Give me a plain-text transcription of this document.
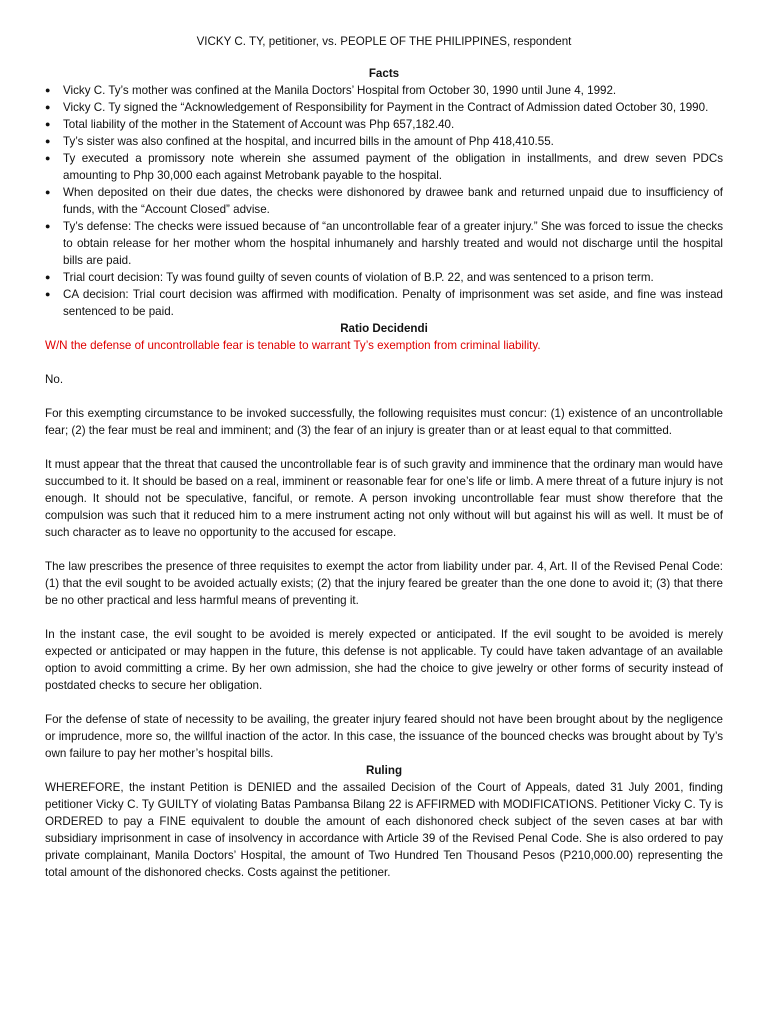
VICKY C. TY, petitioner, vs. PEOPLE OF THE PHILIPPINES, respondent
Facts
● Vicky C. Ty’s mother was confined at the Manila Doctors’ Hospital from October 30, 1990 until June 4, 1992.
● Vicky C. Ty signed the “Acknowledgement of Responsibility for Payment in the Contract of Admission dated October 30, 1990.
● Total liability of the mother in the Statement of Account was Php 657,182.40.
● Ty’s sister was also confined at the hospital, and incurred bills in the amount of Php 418,410.55.
● Ty executed a promissory note wherein she assumed payment of the obligation in installments, and drew seven PDCs amounting to Php 30,000 each against Metrobank payable to the hospital.
● When deposited on their due dates, the checks were dishonored by drawee bank and returned unpaid due to insufficiency of funds, with the “Account Closed” advise.
● Ty’s defense: The checks were issued because of “an uncontrollable fear of a greater injury.” She was forced to issue the checks to obtain release for her mother whom the hospital inhumanely and harshly treated and would not discharge until the hospital bills are paid.
● Trial court decision: Ty was found guilty of seven counts of violation of B.P. 22, and was sentenced to a prison term.
● CA decision: Trial court decision was affirmed with modification. Penalty of imprisonment was set aside, and fine was instead sentenced to be paid.
Ratio Decidendi

W/N the defense of uncontrollable fear is tenable to warrant Ty’s exemption from criminal liability.

No.

For this exempting circumstance to be invoked successfully, the following requisites must concur: (1) existence of an uncontrollable fear; (2) the fear must be real and imminent; and (3) the fear of an injury is greater than or at least equal to that committed.

It must appear that the threat that caused the uncontrollable fear is of such gravity and imminence that the ordinary man would have succumbed to it. It should be based on a real, imminent or reasonable fear for one’s life or limb. A mere threat of a future injury is not enough. It should not be speculative, fanciful, or remote. A person invoking uncontrollable fear must show therefore that the compulsion was such that it reduced him to a mere instrument acting not only without will but against his will as well. It must be of such character as to leave no opportunity to the accused for escape.

The law prescribes the presence of three requisites to exempt the actor from liability under par. 4, Art. II of the Revised Penal Code: (1) that the evil sought to be avoided actually exists; (2) that the injury feared be greater than the one done to avoid it; (3) that there be no other practical and less harmful means of preventing it.

In the instant case, the evil sought to be avoided is merely expected or anticipated. If the evil sought to be avoided is merely expected or anticipated or may happen in the future, this defense is not applicable. Ty could have taken advantage of an available option to avoid committing a crime. By her own admission, she had the choice to give jewelry or other forms of security instead of postdated checks to secure her obligation.

For the defense of state of necessity to be availing, the greater injury feared should not have been brought about by the negligence or imprudence, more so, the willful inaction of the actor. In this case, the issuance of the bounced checks was brought about by Ty’s own failure to pay her mother’s hospital bills.

Ruling

WHEREFORE, the instant Petition is DENIED and the assailed Decision of the Court of Appeals, dated 31 July 2001, finding petitioner Vicky C. Ty GUILTY of violating Batas Pambansa Bilang 22 is AFFIRMED with MODIFICATIONS. Petitioner Vicky C. Ty is ORDERED to pay a FINE equivalent to double the amount of each dishonored check subject of the seven cases at bar with subsidiary imprisonment in case of insolvency in accordance with Article 39 of the Revised Penal Code. She is also ordered to pay private complainant, Manila Doctors’ Hospital, the amount of Two Hundred Ten Thousand Pesos (P210,000.00) representing the total amount of the dishonored checks. Costs against the petitioner.
